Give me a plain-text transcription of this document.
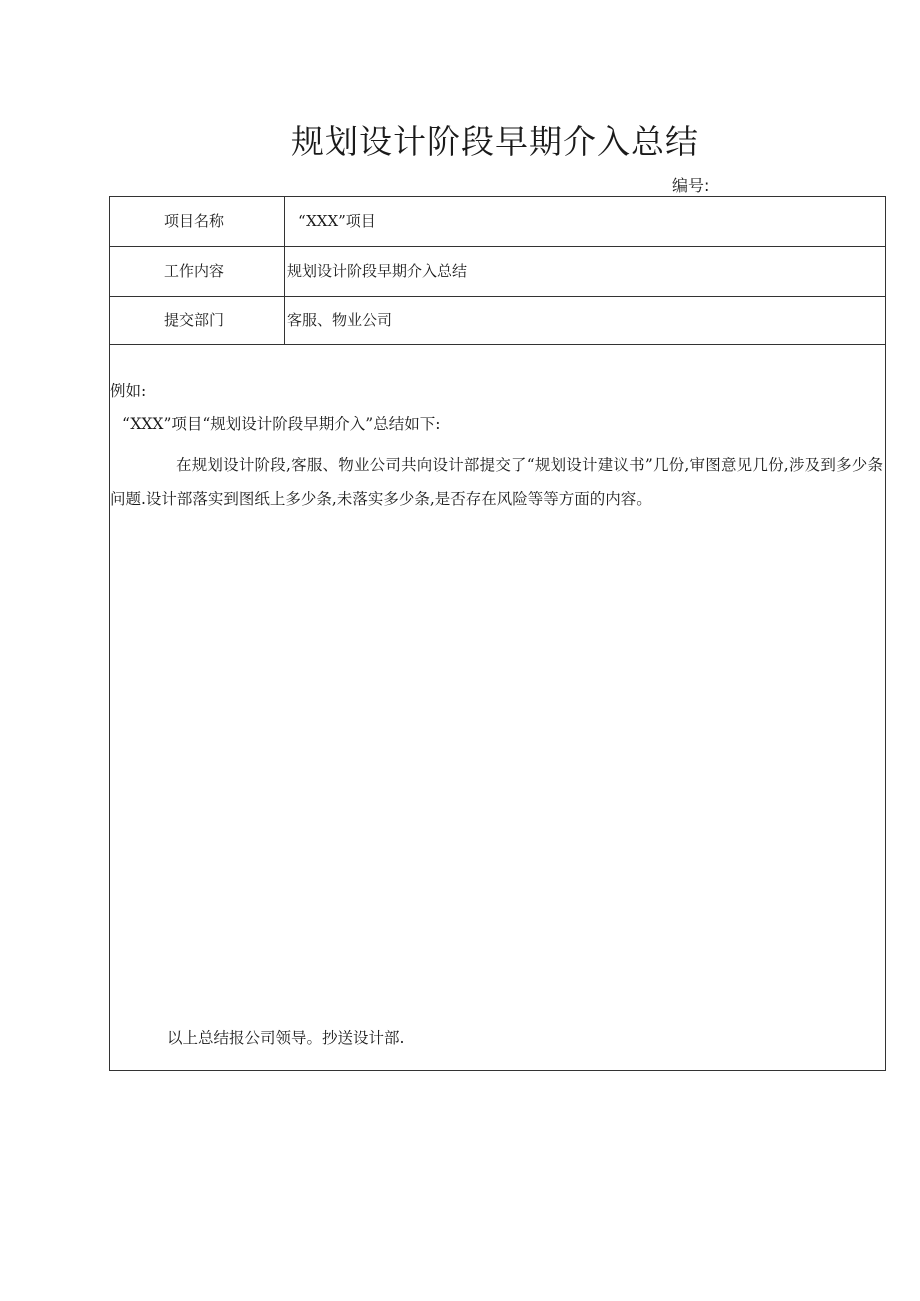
规划设计阶段早期介入总结
编号:
项目名称	“XXX”项目
工作内容	规划设计阶段早期介入总结
提交部门	客服、物业公司
例如:
“XXX”项目“规划设计阶段早期介入”总结如下:

在规划设计阶段,客服、物业公司共向设计部提交了“规划设计建议书”几份,审图意见几份,涉及到多少条问题.设计部落实到图纸上多少条,未落实多少条,是否存在风险等等方面的内容。

以上总结报公司领导。抄送设计部.
